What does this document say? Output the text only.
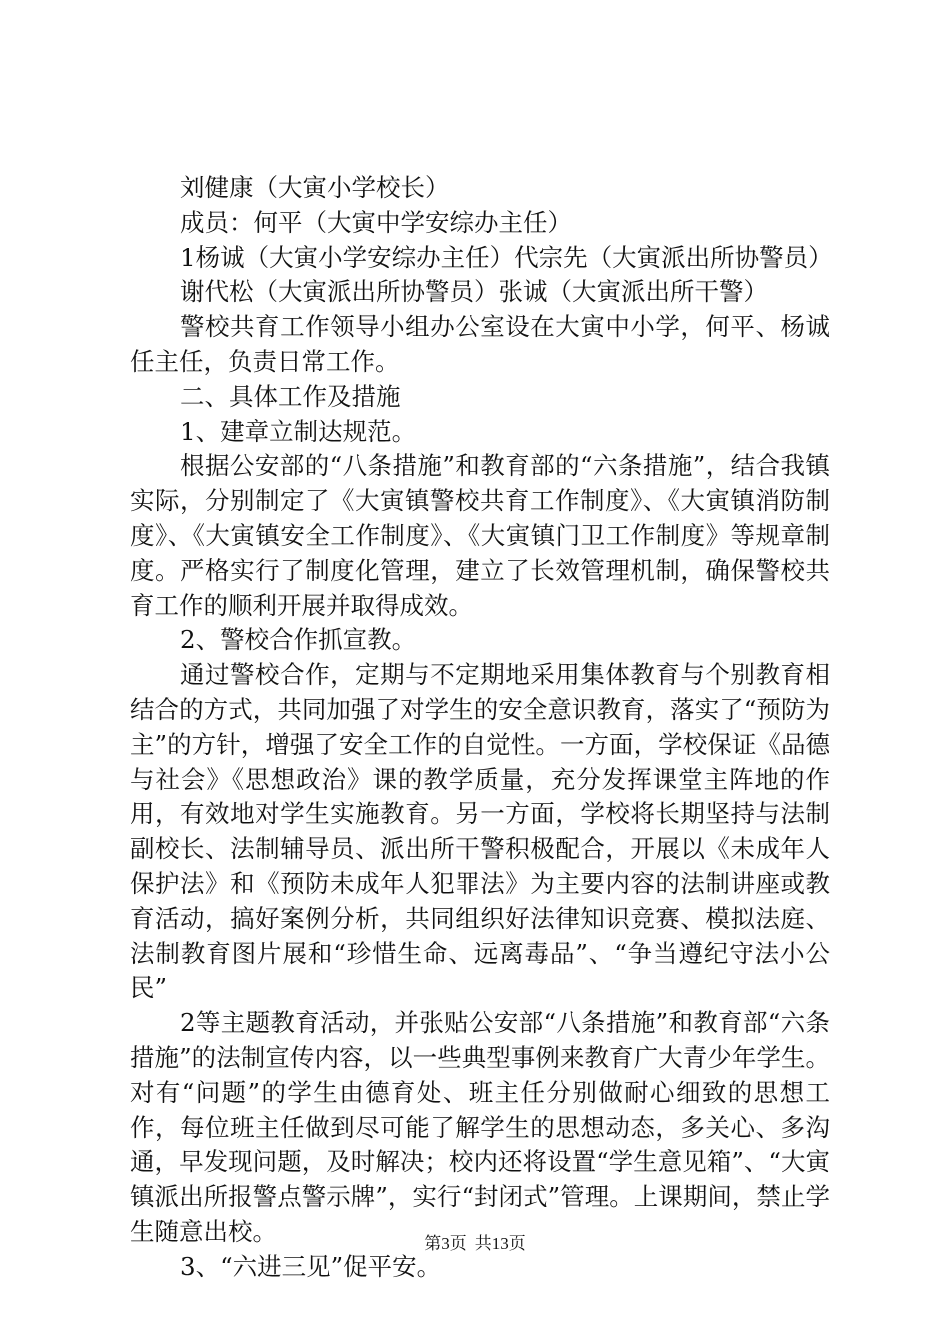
刘健康（大寅小学校长）

成员：何平（大寅中学安综办主任）

1杨诚（大寅小学安综办主任）代宗先（大寅派出所协警员）

谢代松（大寅派出所协警员）张诚（大寅派出所干警）

警校共育工作领导小组办公室设在大寅中小学，何平、杨诚任主任，负责日常工作。

二、具体工作及措施

1、建章立制达规范。

根据公安部的“八条措施”和教育部的“六条措施”，结合我镇实际，分别制定了《大寅镇警校共育工作制度》、《大寅镇消防制度》、《大寅镇安全工作制度》、《大寅镇门卫工作制度》等规章制度。严格实行了制度化管理，建立了长效管理机制，确保警校共育工作的顺利开展并取得成效。

2、警校合作抓宣教。

通过警校合作，定期与不定期地采用集体教育与个别教育相结合的方式，共同加强了对学生的安全意识教育，落实了“预防为主”的方针，增强了安全工作的自觉性。一方面，学校保证《品德与社会》《思想政治》课的教学质量，充分发挥课堂主阵地的作用，有效地对学生实施教育。另一方面，学校将长期坚持与法制副校长、法制辅导员、派出所干警积极配合，开展以《未成年人保护法》和《预防未成年人犯罪法》为主要内容的法制讲座或教育活动，搞好案例分析，共同组织好法律知识竞赛、模拟法庭、法制教育图片展和“珍惜生命、远离毒品”、“争当遵纪守法小公民”

2等主题教育活动，并张贴公安部“八条措施”和教育部“六条措施”的法制宣传内容，以一些典型事例来教育广大青少年学生。对有“问题”的学生由德育处、班主任分别做耐心细致的思想工作，每位班主任做到尽可能了解学生的思想动态，多关心、多沟通，早发现问题，及时解决；校内还将设置“学生意见箱”、“大寅镇派出所报警点警示牌”，实行“封闭式”管理。上课期间，禁止学生随意出校。

3、“六进三见”促平安。

第3页 共13页
